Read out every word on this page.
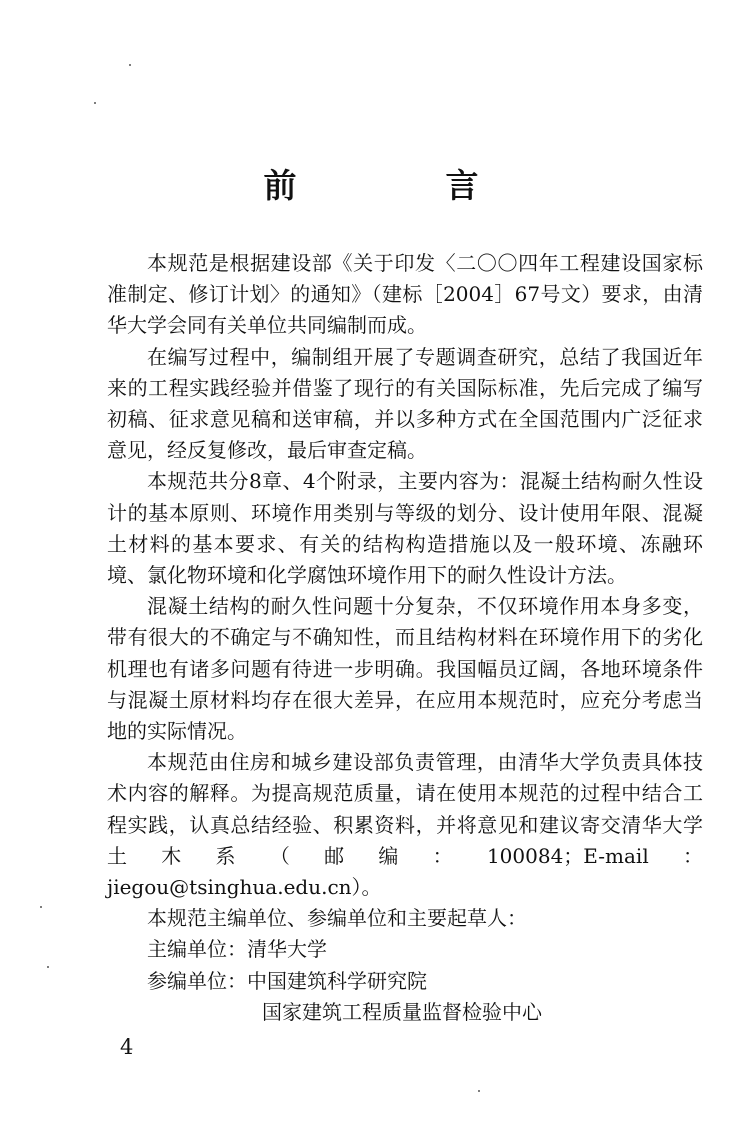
前　言

本规范是根据建设部《关于印发〈二〇〇四年工程建设国家标准制定、修订计划〉的通知》（建标［2004］67号文）要求，由清华大学会同有关单位共同编制而成。

在编写过程中，编制组开展了专题调查研究，总结了我国近年来的工程实践经验并借鉴了现行的有关国际标准，先后完成了编写初稿、征求意见稿和送审稿，并以多种方式在全国范围内广泛征求意见，经反复修改，最后审查定稿。

本规范共分8章、4个附录，主要内容为：混凝土结构耐久性设计的基本原则、环境作用类别与等级的划分、设计使用年限、混凝土材料的基本要求、有关的结构构造措施以及一般环境、冻融环境、氯化物环境和化学腐蚀环境作用下的耐久性设计方法。

混凝土结构的耐久性问题十分复杂，不仅环境作用本身多变，带有很大的不确定与不确知性，而且结构材料在环境作用下的劣化机理也有诸多问题有待进一步明确。我国幅员辽阔，各地环境条件与混凝土原材料均存在很大差异，在应用本规范时，应充分考虑当地的实际情况。

本规范由住房和城乡建设部负责管理，由清华大学负责具体技术内容的解释。为提高规范质量，请在使用本规范的过程中结合工程实践，认真总结经验、积累资料，并将意见和建议寄交清华大学土木系（邮编：100084；E-mail：jiegou@tsinghua.edu.cn）。

本规范主编单位、参编单位和主要起草人：

主编单位：清华大学

参编单位：中国建筑科学研究院

国家建筑工程质量监督检验中心

4
